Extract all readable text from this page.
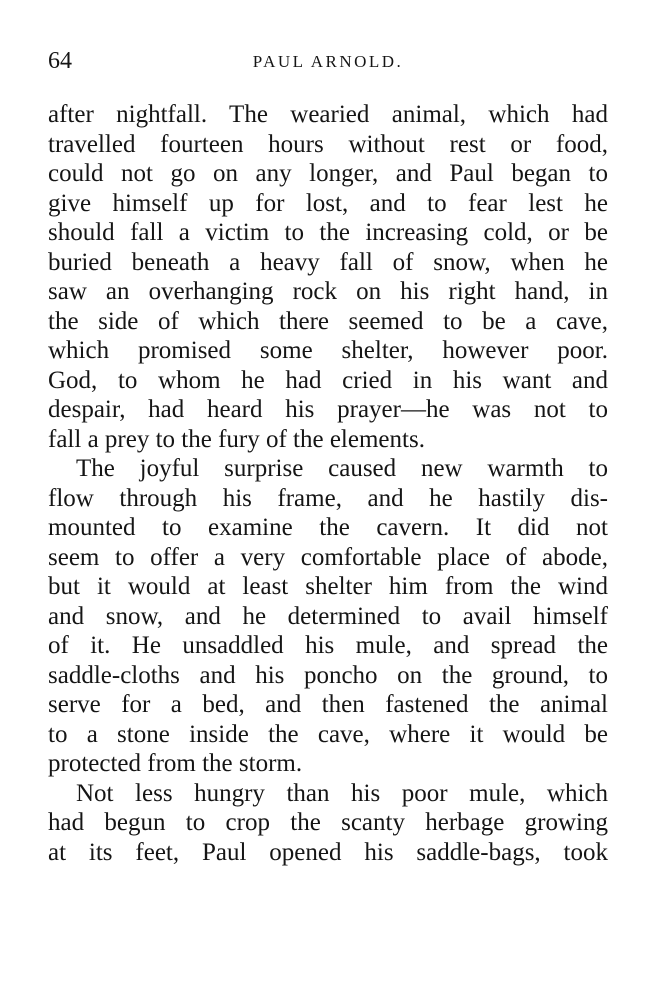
64	PAUL ARNOLD.
after nightfall. The wearied animal, which had
travelled fourteen hours without rest or food,
could not go on any longer, and Paul began to
give himself up for lost, and to fear lest he
should fall a victim to the increasing cold, or be
buried beneath a heavy fall of snow, when he
saw an overhanging rock on his right hand, in
the side of which there seemed to be a cave,
which promised some shelter, however poor.
God, to whom he had cried in his want and
despair, had heard his prayer—he was not to
fall a prey to the fury of the elements.
The joyful surprise caused new warmth to
flow through his frame, and he hastily dis-
mounted to examine the cavern. It did not
seem to offer a very comfortable place of abode,
but it would at least shelter him from the wind
and snow, and he determined to avail himself
of it. He unsaddled his mule, and spread the
saddle-cloths and his poncho on the ground, to
serve for a bed, and then fastened the animal
to a stone inside the cave, where it would be
protected from the storm.
Not less hungry than his poor mule, which
had begun to crop the scanty herbage growing
at its feet, Paul opened his saddle-bags, took
